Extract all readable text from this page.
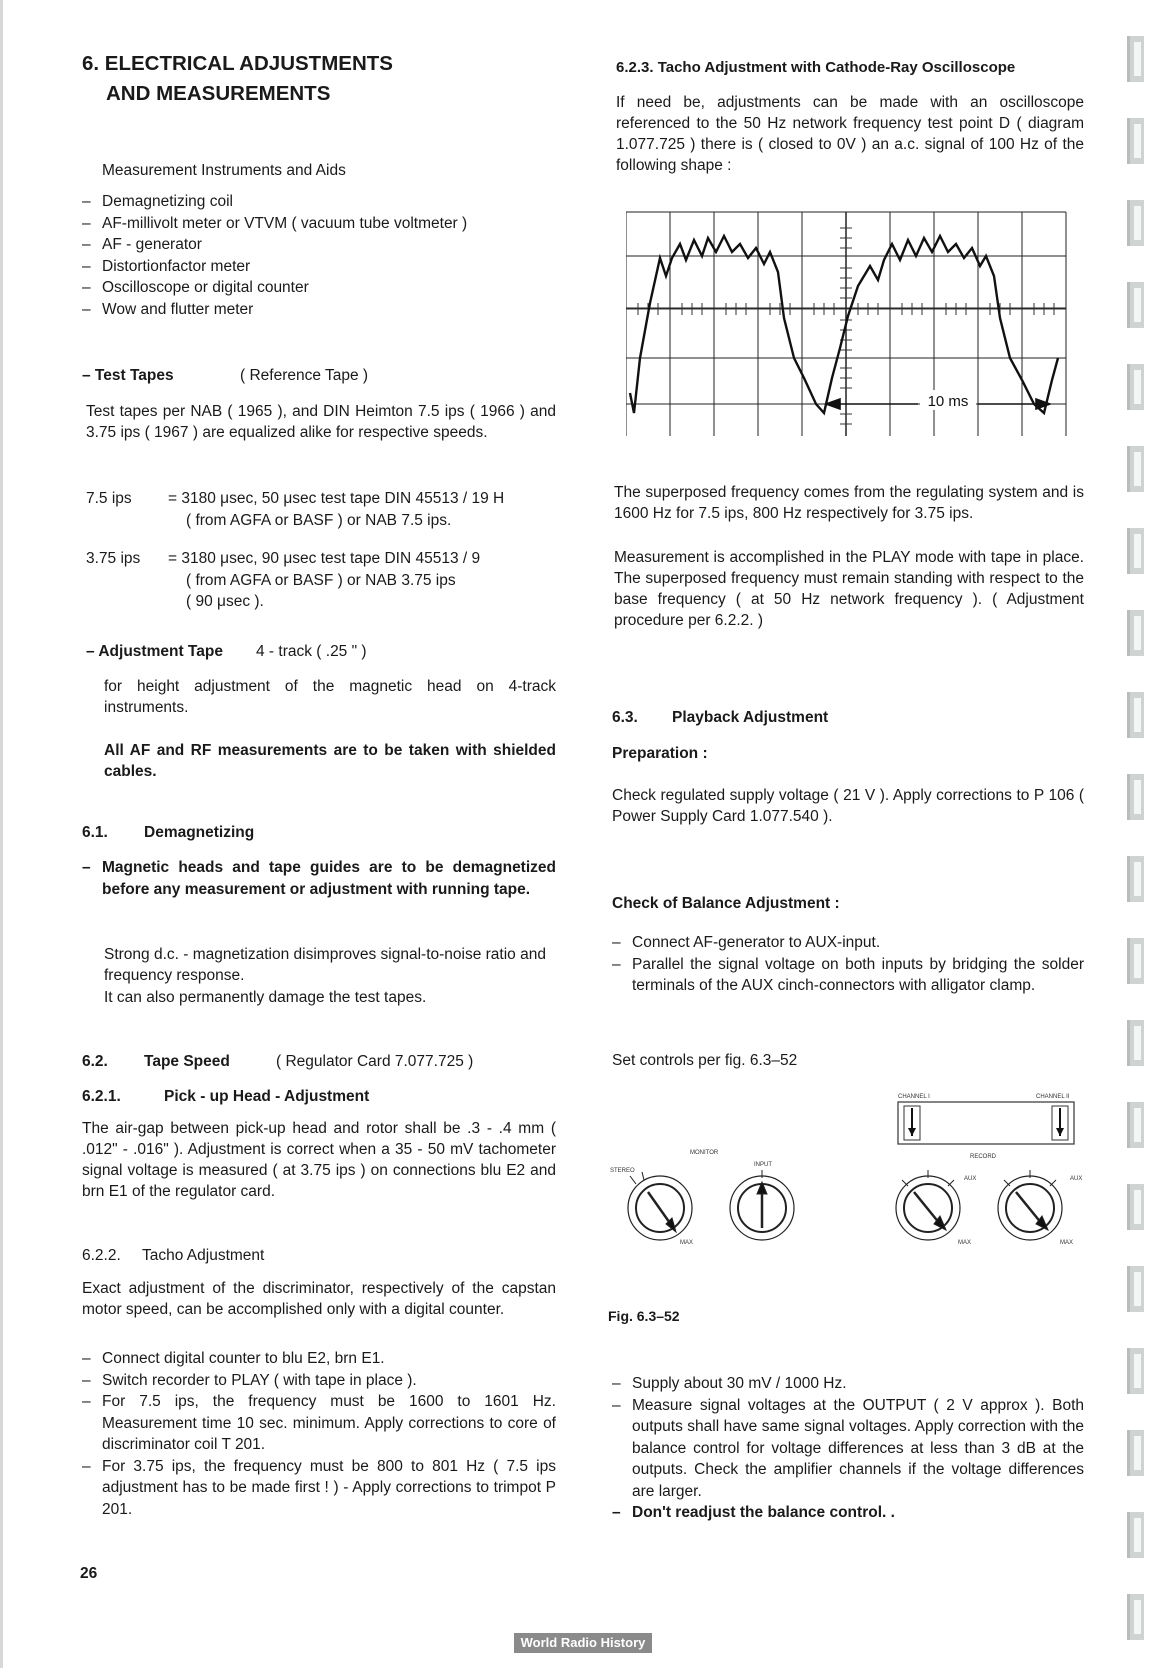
6. ELECTRICAL ADJUSTMENTS
AND MEASUREMENTS
Measurement Instruments and Aids
– Demagnetizing coil
– AF-millivolt meter or VTVM ( vacuum tube voltmeter )
– AF - generator
– Distortionfactor meter
– Oscilloscope or digital counter
– Wow and flutter meter
– Test Tapes	( Reference Tape )

Test tapes per NAB ( 1965 ), and DIN Heimton 7.5 ips ( 1966 ) and 3.75 ips ( 1967 ) are equalized alike for respective speeds.

7.5 ips = 3180 μsec, 50 μsec test tape DIN 45513 / 19 H
( from AGFA or BASF ) or NAB 7.5 ips.
3.75 ips = 3180 μsec, 90 μsec test tape DIN 45513 / 9
( from AGFA or BASF ) or NAB 3.75 ips
( 90 μsec ).
– Adjustment Tape 4 - track ( .25 " )

for height adjustment of the magnetic head on 4-track instruments.

All AF and RF measurements are to be taken with shielded cables.

6.1. Demagnetizing
– Magnetic heads and tape guides are to be demagnetized before any measurement or adjustment with running tape.

Strong d.c. - magnetization disimproves signal-to-noise ratio and frequency response.

It can also permanently damage the test tapes.

6.2. Tape Speed	( Regulator Card 7.077.725 )
6.2.1.	Pick - up Head - Adjustment

The air-gap between pick-up head and rotor shall be .3 - .4 mm ( .012" - .016" ). Adjustment is correct when a 35 - 50 mV tachometer signal voltage is measured ( at 3.75 ips ) on connections blu E2 and brn E1 of the regulator card.

6.2.2. Tacho Adjustment

Exact adjustment of the discriminator, respectively of the capstan motor speed, can be accomplished only with a digital counter.

– Connect digital counter to blu E2, brn E1.
– Switch recorder to PLAY ( with tape in place ).
– For 7.5 ips, the frequency must be 1600 to 1601 Hz. Measurement time 10 sec. minimum. Apply corrections to core of discriminator coil T 201.
– For 3.75 ips, the frequency must be 800 to 801 Hz ( 7.5 ips adjustment has to be made first ! ) - Apply corrections to trimpot P 201.
26
6.2.3. Tacho Adjustment with Cathode-Ray Oscilloscope

If need be, adjustments can be made with an oscilloscope referenced to the 50 Hz network frequency test point D ( diagram 1.077.725 ) there is ( closed to 0V ) an a.c. signal of 100 Hz of the following shape :

10 ms

The superposed frequency comes from the regulating system and is 1600 Hz for 7.5 ips, 800 Hz respectively for 3.75 ips.

Measurement is accomplished in the PLAY mode with tape in place. The superposed frequency must remain standing with respect to the base frequency ( at 50 Hz network frequency ). ( Adjustment procedure per 6.2.2. )

6.3. Playback Adjustment
Preparation :

Check regulated supply voltage ( 21 V ). Apply corrections to P 106 ( Power Supply Card 1.077.540 ).

Check of Balance Adjustment :
– Connect AF-generator to AUX-input.
– Parallel the signal voltage on both inputs by bridging the solder terminals of the AUX cinch-connectors with alligator clamp.
Set controls per fig. 6.3–52
CHANNEL I	CHANNEL II
MONITOR
STEREO
INPUT
RECORD
AUX	AUX
MAX	MAX	MAX
Fig. 6.3–52
– Supply about 30 mV / 1000 Hz.
– Measure signal voltages at the OUTPUT ( 2 V approx ). Both outputs shall have same signal voltages. Apply correction with the balance control for voltage differences at less than 3 dB at the outputs. Check the amplifier channels if the voltage differences are larger.
– Don't readjust the balance control. .
World Radio History
